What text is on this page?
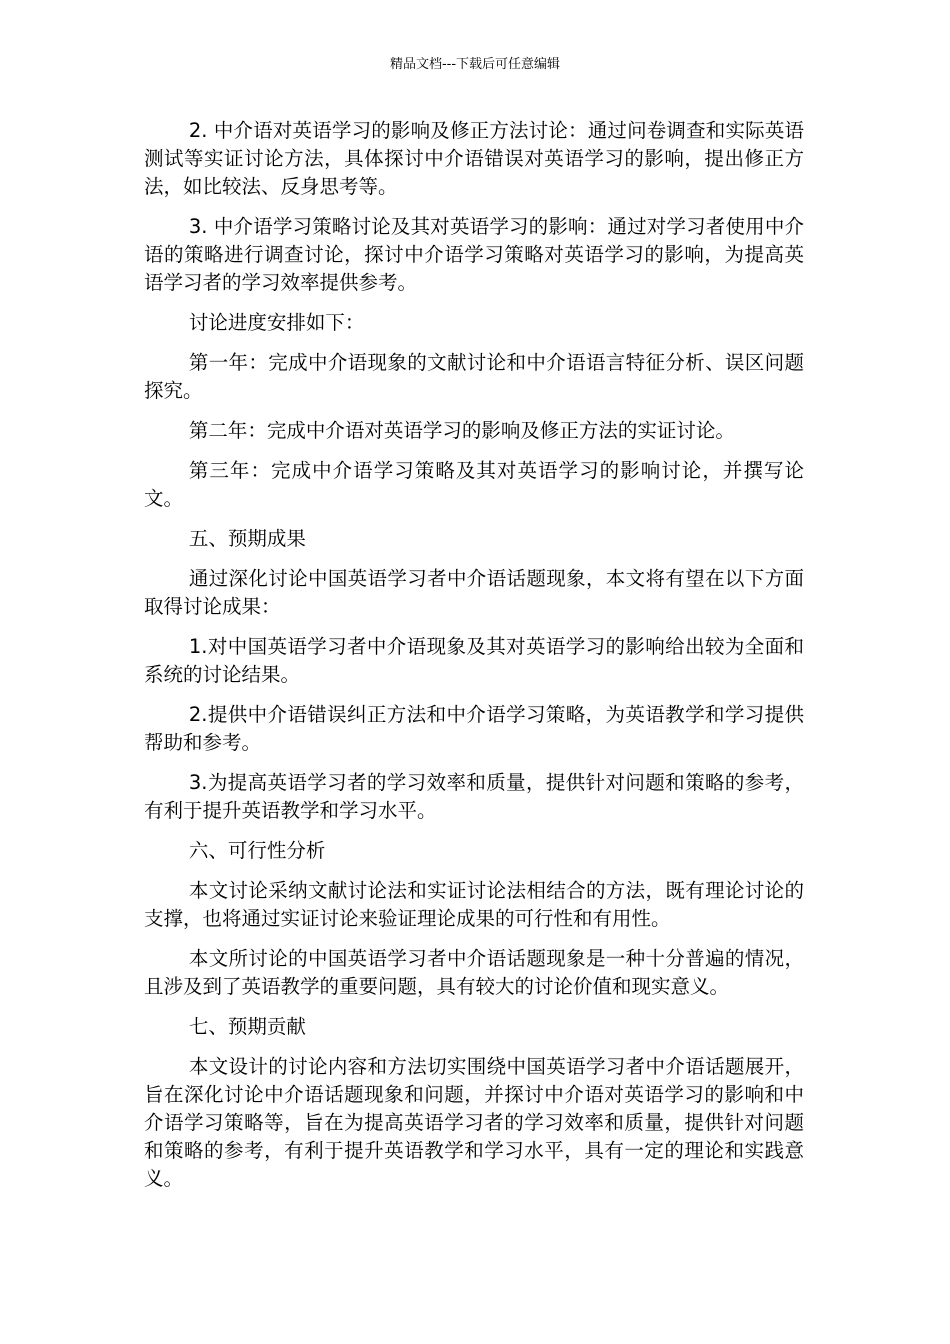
精品文档---下载后可任意编辑

2. 中介语对英语学习的影响及修正方法讨论：通过问卷调查和实际英语测试等实证讨论方法，具体探讨中介语错误对英语学习的影响，提出修正方法，如比较法、反身思考等。

3. 中介语学习策略讨论及其对英语学习的影响：通过对学习者使用中介语的策略进行调查讨论，探讨中介语学习策略对英语学习的影响，为提高英语学习者的学习效率提供参考。

讨论进度安排如下：

第一年：完成中介语现象的文献讨论和中介语语言特征分析、误区问题探究。

第二年：完成中介语对英语学习的影响及修正方法的实证讨论。

第三年：完成中介语学习策略及其对英语学习的影响讨论，并撰写论文。

五、预期成果

通过深化讨论中国英语学习者中介语话题现象，本文将有望在以下方面取得讨论成果：

1.对中国英语学习者中介语现象及其对英语学习的影响给出较为全面和系统的讨论结果。

2.提供中介语错误纠正方法和中介语学习策略，为英语教学和学习提供帮助和参考。

3.为提高英语学习者的学习效率和质量，提供针对问题和策略的参考，有利于提升英语教学和学习水平。

六、可行性分析

本文讨论采纳文献讨论法和实证讨论法相结合的方法，既有理论讨论的支撑，也将通过实证讨论来验证理论成果的可行性和有用性。

本文所讨论的中国英语学习者中介语话题现象是一种十分普遍的情况，且涉及到了英语教学的重要问题，具有较大的讨论价值和现实意义。

七、预期贡献

本文设计的讨论内容和方法切实围绕中国英语学习者中介语话题展开，旨在深化讨论中介语话题现象和问题，并探讨中介语对英语学习的影响和中介语学习策略等，旨在为提高英语学习者的学习效率和质量，提供针对问题和策略的参考，有利于提升英语教学和学习水平，具有一定的理论和实践意义。
